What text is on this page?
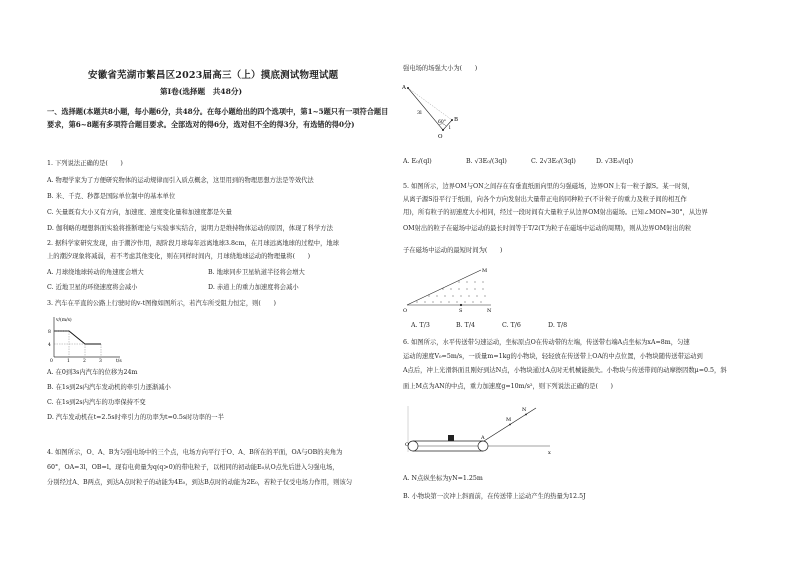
安徽省芜湖市繁昌区2023届高三（上）摸底测试物理试题
第Ⅰ卷(选择题　共48分)
一、选择题(本题共8小题，每小题6分，共48分。在每小题给出的四个选项中，第1~5题只有一项符合题目要求，第6~8题有多项符合题目要求。全部选对的得6分，选对但不全的得3分，有选错的得0分)
1. 下列说法正确的是(　　)
A. 物理学家为了方便研究物体的运动规律而引入质点概念，这里用到的物理思想方法是等效代法
B. 米、千克、秒都是国际单位制中的基本单位
C. 矢量既有大小又有方向，加速度、速度变化量和加速度都是矢量
D. 伽利略的理想斜面实验将推断理论与实验事实结合，说明力是维持物体运动的原因，体现了科学方法
2. 据科学家研究发现，由于潮汐作用，现阶段月球每年远离地球3.8cm，在月球远离地球的过程中，地球
上的潮汐现象将减弱，若不考虑其他变化，则在同样时间内，月球绕地球运动的物理量将(　　)
A. 月球绕地球转动的角速度会增大	B. 地球同步卫星轨道半径将会增大
C. 近地卫星的环绕速度将会减小	D. 赤道上的重力加速度将会减小
3. 汽车在平直的公路上行驶时的v-t图像如图所示，若汽车所受阻力恒定，则(　　)
v/(m/s)
t/s
8
4
0	1	2	3
A. 在0到3s内汽车的位移为24m
B. 在1s到2s内汽车发动机的牵引力逐渐减小
C. 在1s到2s内汽车的功率保持不变
D. 汽车发动机在t=2.5s时牵引力的功率为t=0.5s时功率的一半
4. 如图所示，O、A、B为匀强电场中的三个点，电场方向平行于O、A、B所在的平面，OA与OB的夹角为
60°，OA=3l，OB=l。现有电荷量为q(q>0)的带电粒子，以相同的初动能E₀从O点先后进入匀强电场，
分别经过A、B两点，到达A点时粒子的动能为4E₀，到达B点时的动能为2E₀，若粒子仅受电场力作用，则该匀
强电场的场强大小为(　　)
A
O
B
3l
l
60°
A. E₀/(ql)	B. √3E₀/(3ql)	C. 2√3E₀/(3ql)	D. √3E₀/(ql)
5. 如图所示，边界OM与ON之间存在有垂直纸面向里的匀强磁场，边界ON上有一粒子源S。某一时刻，
从离子源S沿平行于纸面，向各个方向发射出大量带正电的同种粒子(不计粒子的重力及粒子间的相互作
用)，所有粒子的初速度大小相同，经过一段时间有大量粒子从边界OM射出磁场。已知∠MON=30°，从边界
OM射出的粒子在磁场中运动的最长时间等于T/2(T为粒子在磁场中运动的周期)，则从边界OM射出的粒
子在磁场中运动的最短时间为(　　)
M
O	S	N
A. T/3	B. T/4	C. T/6	D. T/8
6. 如图所示，水平传送带匀速运动，坐标原点O在传动带的左端，传送带右端A点坐标为xA=8m，匀速
运动的速度V₀=5m/s，一质量m=1kg的小物块，轻轻放在传送带上OA的中点位置，小物块随传送带运动到
A点后，冲上光滑斜面且刚好到达N点，小物块通过A点时无机械能损失。小物块与传送带间的动摩擦因数μ=0.5，斜
面上M点为AN的中点，重力加速度g=10m/s²，则下列说法正确的是(　　)
x
O
A
M
N
A. N点纵坐标为yN=1.25m
B. 小物块第一次冲上斜面前，在传送带上运动产生的热量为12.5J
